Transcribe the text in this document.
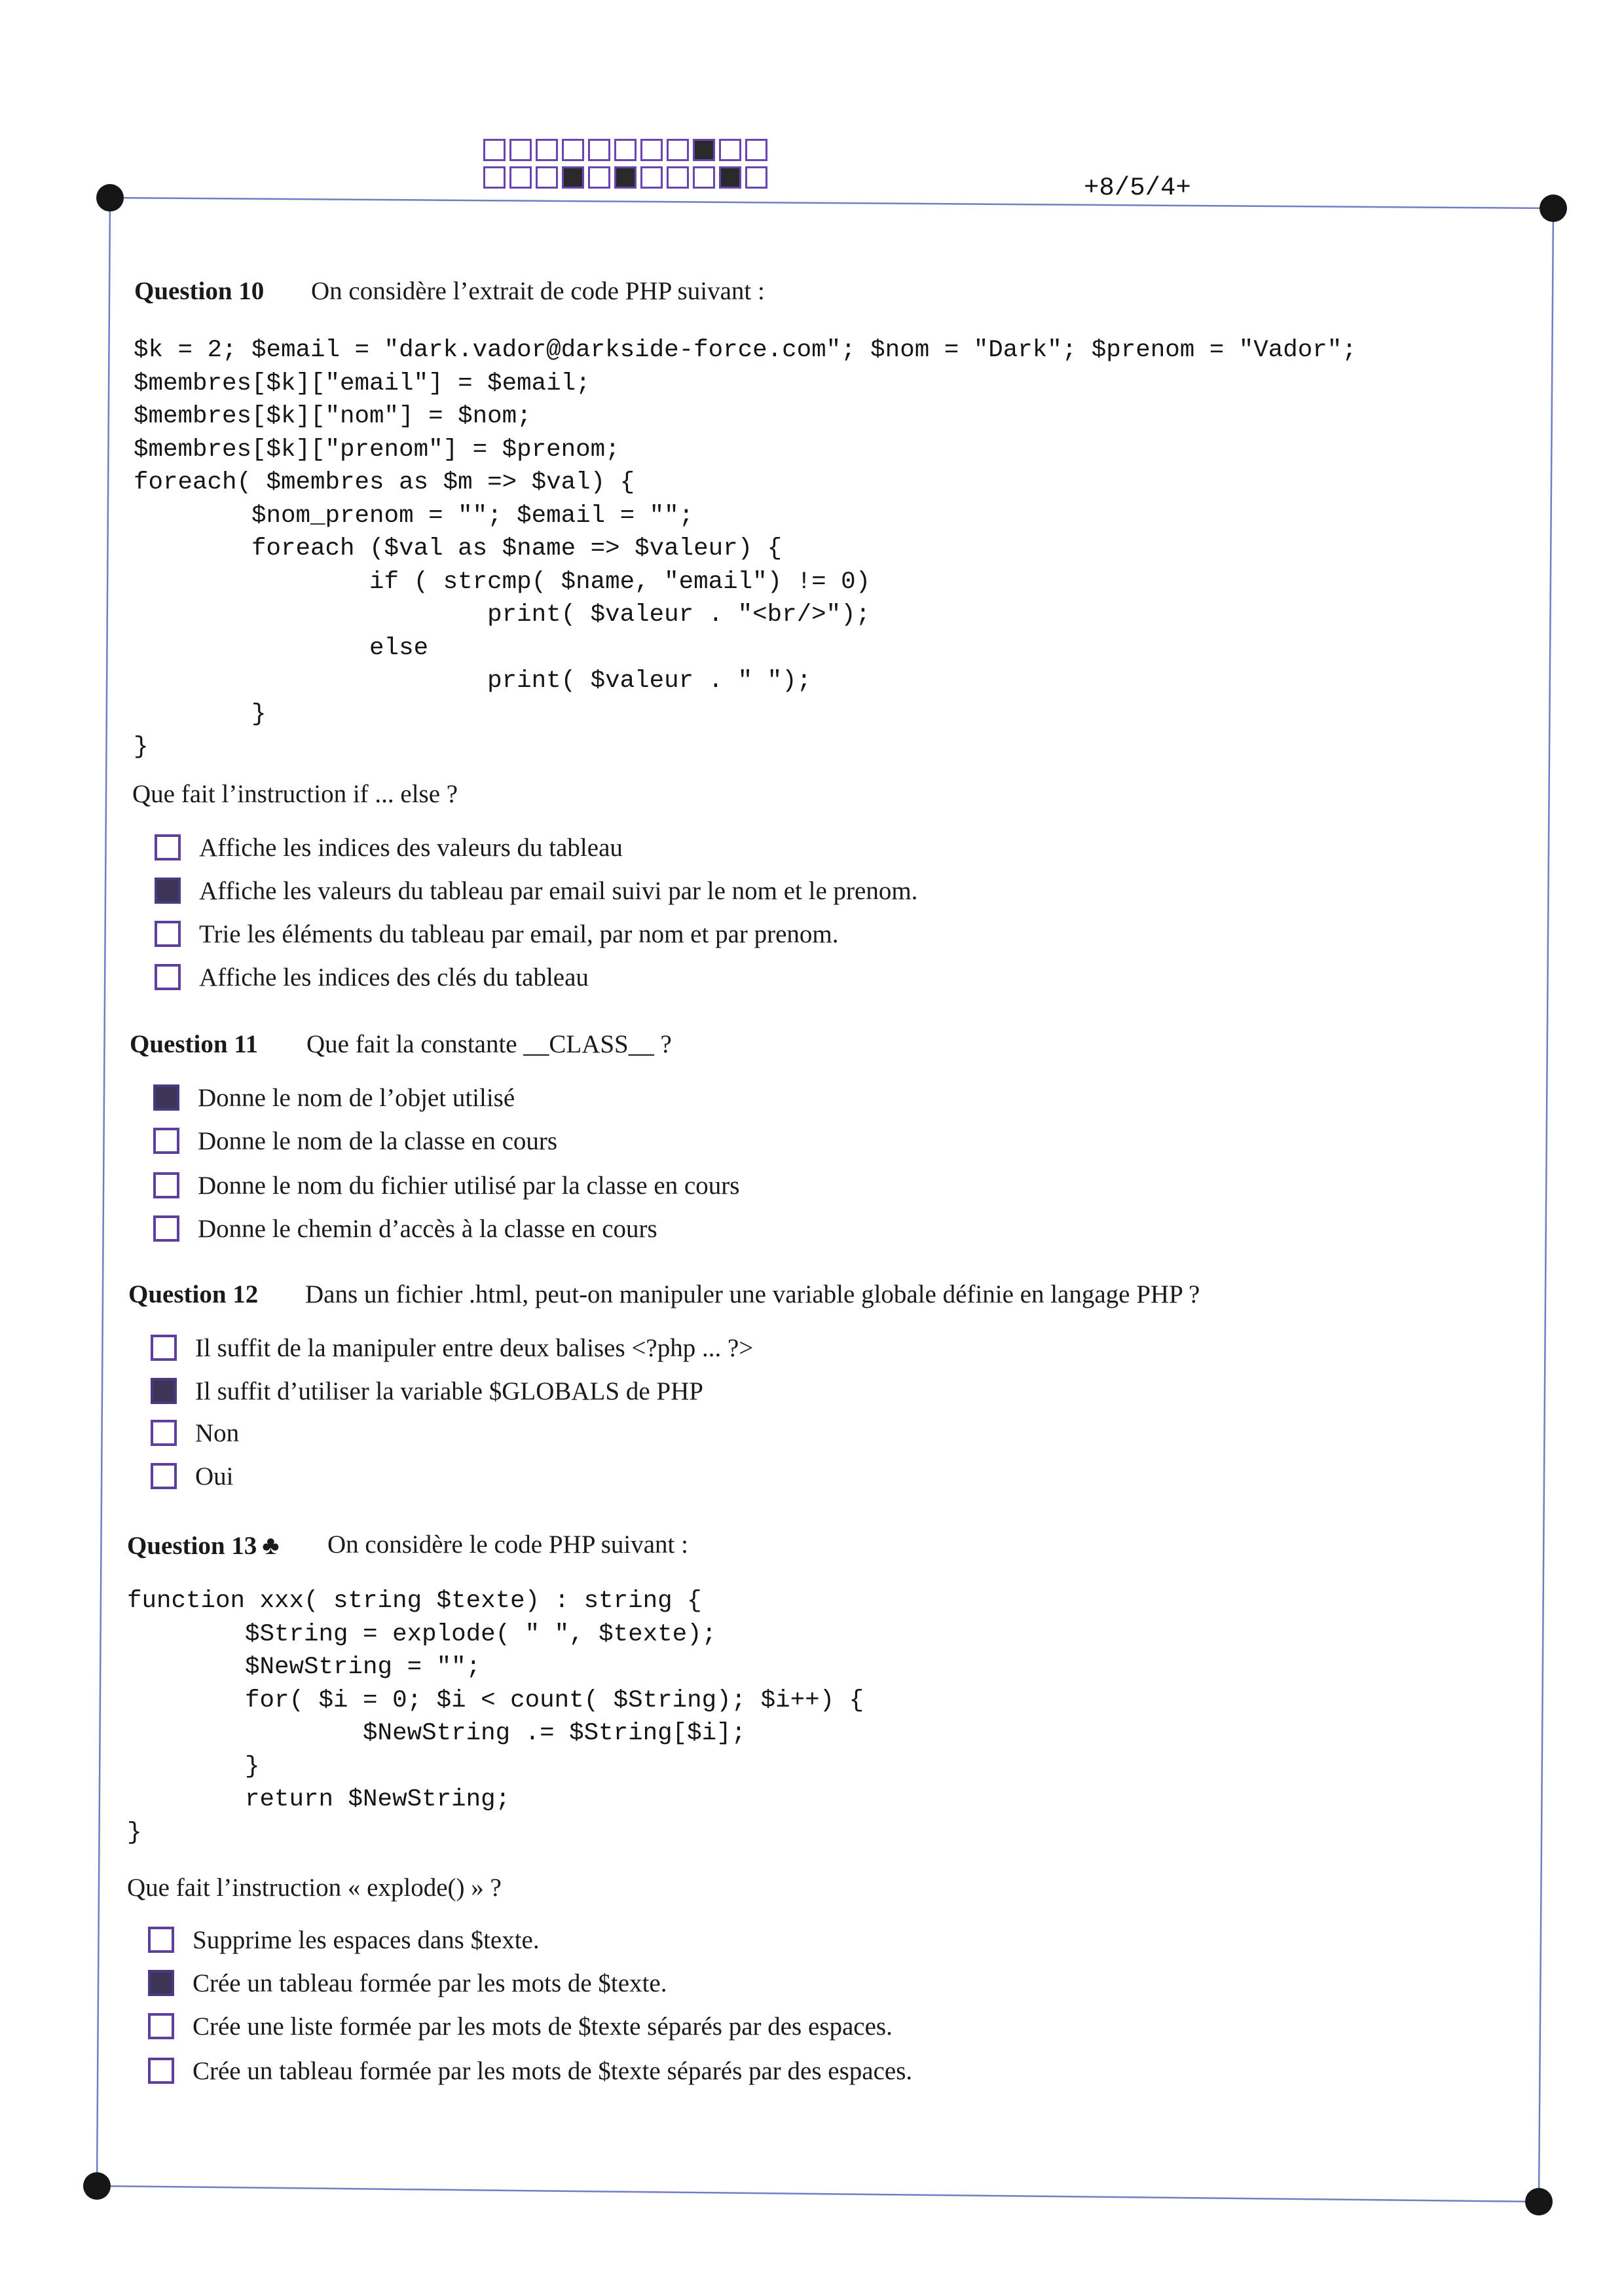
+8/5/4+
Question 10 On considère l’extrait de code PHP suivant :
$k = 2; $email = "dark.vador@darkside-force.com"; $nom = "Dark"; $prenom = "Vador";
$membres[$k]["email"] = $email;
$membres[$k]["nom"] = $nom;
$membres[$k]["prenom"] = $prenom;
foreach( $membres as $m => $val) {
$nom_prenom = ""; $email = "";
foreach ($val as $name => $valeur) {
if ( strcmp( $name, "email") != 0)
print( $valeur . "<br/>");
else
print( $valeur . " ");
}
}
Que fait l’instruction if ... else ?
Affiche les indices des valeurs du tableau
Affiche les valeurs du tableau par email suivi par le nom et le prenom.
Trie les éléments du tableau par email, par nom et par prenom.
Affiche les indices des clés du tableau
Question 11 Que fait la constante __CLASS__ ?
Donne le nom de l’objet utilisé
Donne le nom de la classe en cours
Donne le nom du fichier utilisé par la classe en cours
Donne le chemin d’accès à la classe en cours
Question 12 Dans un fichier .html, peut-on manipuler une variable globale définie en langage PHP ?
Il suffit de la manipuler entre deux balises <?php ... ?>
Il suffit d’utiliser la variable $GLOBALS de PHP
Non
Oui
Question 13 ♣ On considère le code PHP suivant :
function xxx( string $texte) : string {
$String = explode( " ", $texte);
$NewString = "";
for( $i = 0; $i < count( $String); $i++) {
$NewString .= $String[$i];
}
return $NewString;
}
Que fait l’instruction « explode() » ?
Supprime les espaces dans $texte.
Crée un tableau formée par les mots de $texte.
Crée une liste formée par les mots de $texte séparés par des espaces.
Crée un tableau formée par les mots de $texte séparés par des espaces.
